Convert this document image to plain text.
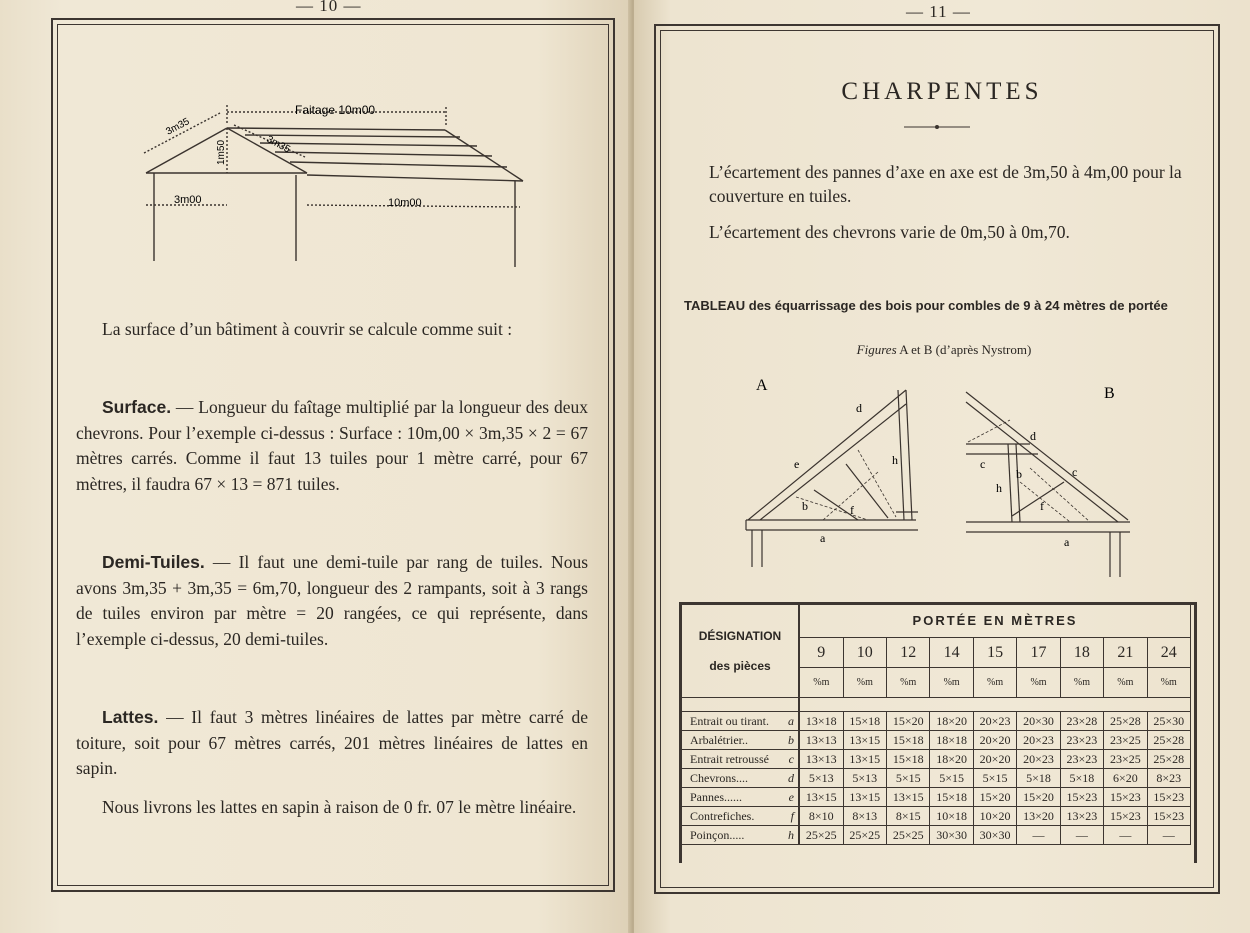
— 10 —
Faitage 10m00
3m35
3m35
1m50
3m00	10m00
La surface d’un bâtiment à couvrir se calcule comme suit :
Surface. — Longueur du faîtage multiplié par la longueur des deux chevrons. Pour l’exemple ci-dessus : Surface : 10m,00 × 3m,35 × 2 = 67 mètres carrés. Comme il faut 13 tuiles pour 1 mètre carré, pour 67 mètres, il faudra 67 × 13 = 871 tuiles.
Demi-Tuiles. — Il faut une demi-tuile par rang de tuiles. Nous avons 3m,35 + 3m,35 = 6m,70, longueur des 2 rampants, soit à 3 rangs de tuiles environ par mètre = 20 rangées, ce qui représente, dans l’exemple ci-dessus, 20 demi-tuiles.
Lattes. — Il faut 3 mètres linéaires de lattes par mètre carré de toiture, soit pour 67 mètres carrés, 201 mètres linéaires de lattes en sapin.
Nous livrons les lattes en sapin à raison de 0 fr. 07 le mètre linéaire.
— 11 —
CHARPENTES
L’écartement des pannes d’axe en axe est de 3m,50 à 4m,00 pour la couverture en tuiles.
L’écartement des chevrons varie de 0m,50 à 0m,70.
TABLEAU des équarrissage des bois pour combles de 9 à 24 mètres de portée
Figures A et B (d’après Nystrom)
A
d
e	h
b	f
a
B
d
c
c
b
h
f
a
DÉSIGNATION
des pièces	PORTÉE EN MÈTRES								
	9	10	12	14	15	17	18	21	24
	%m	%m	%m	%m	%m	%m	%m	%m	%m

Entrait ou tirant. a	13×18	15×18	15×20	18×20	20×23	20×30	23×28	25×28	25×30
Arbalétrier.. b	13×13	13×15	15×18	18×18	20×20	20×23	23×23	23×25	25×28
Entrait retroussé c	13×13	13×15	15×18	18×20	20×20	20×23	23×23	23×25	25×28
Chevrons.... d	5×13	5×13	5×15	5×15	5×15	5×18	5×18	6×20	8×23
Pannes...... e	13×15	13×15	13×15	15×18	15×20	15×20	15×23	15×23	15×23
Contrefiches. f	8×10	8×13	8×15	10×18	10×20	13×20	13×23	15×23	15×23
Poinçon..... h	25×25	25×25	25×25	30×30	30×30	—	—	—	—
